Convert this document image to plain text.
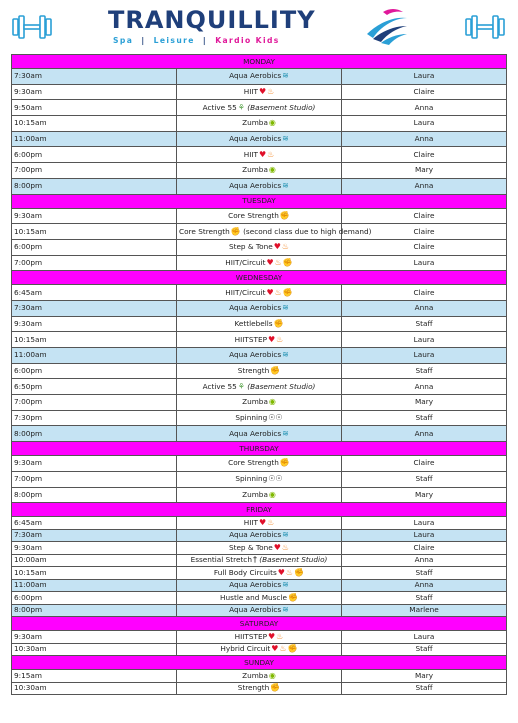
TRANQUILLITY
Spa | Leisure | Kardio Kids
MONDAY		
7:30am	Aqua Aerobics≋	Laura
9:30am	HIIT♥♨	Claire
9:50am	Active 55⚘ (Basement Studio)	Anna
10:15am	Zumba◉	Laura
11:00am	Aqua Aerobics≋	Anna
6:00pm	HIIT♥♨	Claire
7:00pm	Zumba◉	Mary
8:00pm	Aqua Aerobics≋	Anna
TUESDAY		
9:30am	Core Strength✊	Claire
10:15am	Core Strength✊ (second class due to high demand)	Claire
6:00pm	Step & Tone♥♨	Claire
7:00pm	HIIT/Circuit♥♨✊	Laura
WEDNESDAY		
6:45am	HIIT/Circuit♥♨✊	Claire
7:30am	Aqua Aerobics≋	Anna
9:30am	Kettlebells✊	Staff
10:15am	HIITSTEP♥♨	Laura
11:00am	Aqua Aerobics≋	Laura
6:00pm	Strength✊	Staff
6:50pm	Active 55⚘ (Basement Studio)	Anna
7:00pm	Zumba◉	Mary
7:30pm	Spinning☉☉	Staff
8:00pm	Aqua Aerobics≋	Anna
THURSDAY		
9:30am	Core Strength✊	Claire
7:00pm	Spinning☉☉	Staff
8:00pm	Zumba◉	Mary
FRIDAY		
6:45am	HIIT♥♨	Laura
7:30am	Aqua Aerobics≋	Laura
9:30am	Step & Tone♥♨	Claire
10:00am	Essential Stretch† (Basement Studio)	Anna
10:15am	Full Body Circuits♥♨✊	Staff
11:00am	Aqua Aerobics≋	Anna
6:00pm	Hustle and Muscle✊	Staff
8:00pm	Aqua Aerobics≋	Marlene
SATURDAY		
9:30am	HIITSTEP♥♨	Laura
10:30am	Hybrid Circuit♥♨✊	Staff
SUNDAY		
9:15am	Zumba◉	Mary
10:30am	Strength✊	Staff
